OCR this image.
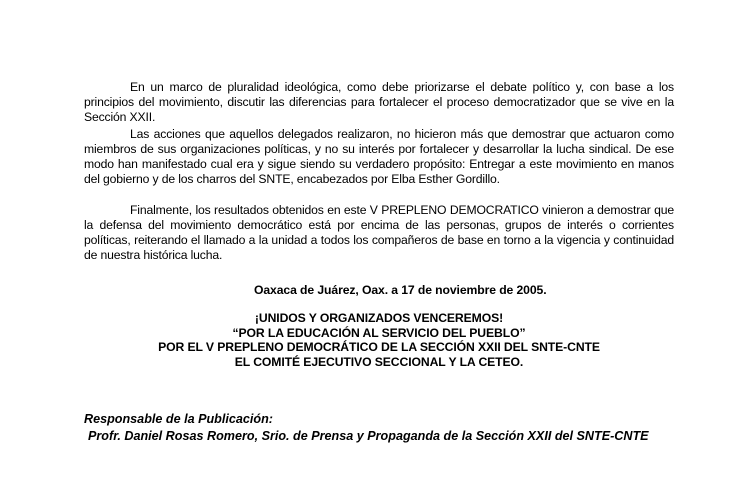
En un marco de pluralidad ideológica, como debe priorizarse el debate político y, con base a los principios del movimiento, discutir las diferencias para fortalecer el proceso democratizador que se vive en la Sección XXII.

Las acciones que aquellos delegados realizaron, no hicieron más que demostrar que actuaron como miembros de sus organizaciones políticas, y no su interés por fortalecer y desarrollar la lucha sindical. De ese modo han manifestado cual era y sigue siendo su verdadero propósito: Entregar a este movimiento en manos del gobierno y de los charros del SNTE, encabezados por Elba Esther Gordillo.

Finalmente, los resultados obtenidos en este V PREPLENO DEMOCRATICO vinieron a demostrar que la defensa del movimiento democrático está por encima de las personas, grupos de interés o corrientes políticas, reiterando el llamado a la unidad a todos los compañeros de base en torno a la vigencia y continuidad de nuestra histórica lucha.

Oaxaca de Juárez, Oax. a 17 de noviembre de 2005.

¡UNIDOS Y ORGANIZADOS VENCEREMOS!
“POR LA EDUCACIÓN AL SERVICIO DEL PUEBLO”
POR EL V PREPLENO DEMOCRÁTICO DE LA SECCIÓN XXII DEL SNTE-CNTE
EL COMITÉ EJECUTIVO SECCIONAL Y LA CETEO.

Responsable de la Publicación:

Profr. Daniel Rosas Romero, Srio. de Prensa y Propaganda de la Sección XXII del SNTE-CNTE
